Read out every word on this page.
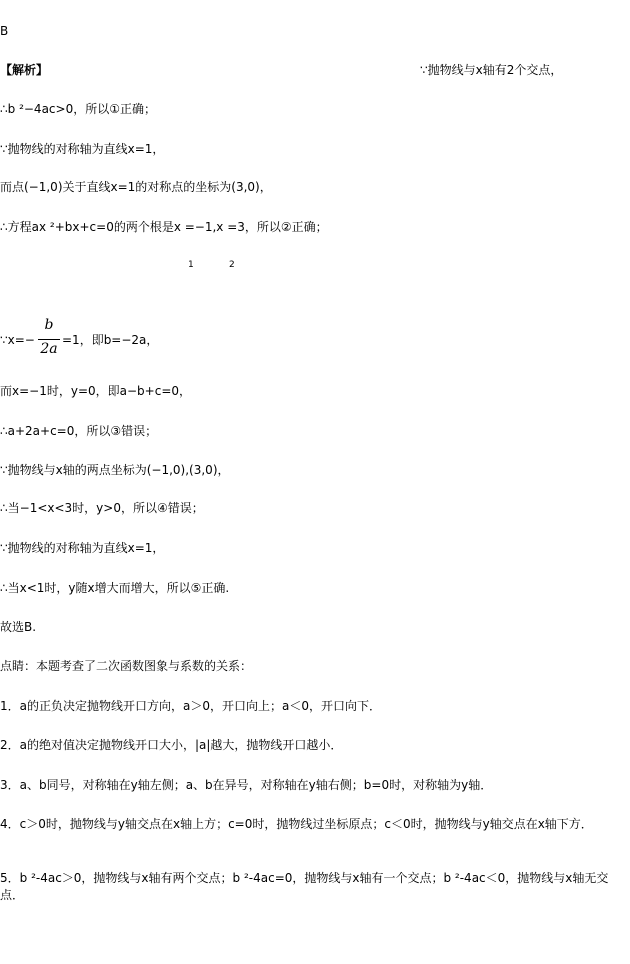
B
【解析】	∵抛物线与x轴有2个交点，
∴b ²−4ac>0，所以①正确；
∵抛物线的对称轴为直线x=1，
而点(−1,0)关于直线x=1的对称点的坐标为(3,0)，
∴方程ax ²+bx+c=0的两个根是x =−1,x =3，所以②正确；
1	2
∵x=−
b
2a
=1，即b=−2a，
而x=−1时，y=0，即a−b+c=0，
∴a+2a+c=0，所以③错误；
∵抛物线与x轴的两点坐标为(−1,0),(3,0)，
∴当−1<x<3时，y>0，所以④错误；
∵抛物线的对称轴为直线x=1，
∴当x<1时，y随x增大而增大，所以⑤正确.
故选B.
点睛：本题考查了二次函数图象与系数的关系：
1．a的正负决定抛物线开口方向，a＞0，开口向上；a＜0，开口向下．
2．a的绝对值决定抛物线开口大小，|a|越大，抛物线开口越小．
3．a、b同号，对称轴在y轴左侧；a、b在异号，对称轴在y轴右侧；b=0时，对称轴为y轴．
4．c＞0时，抛物线与y轴交点在x轴上方；c=0时，抛物线过坐标原点；c＜0时，抛物线与y轴交点在x轴下方．
5．b ²-4ac＞0，抛物线与x轴有两个交点；b ²-4ac=0，抛物线与x轴有一个交点；b ²-4ac＜0，抛物线与x轴无交点．
